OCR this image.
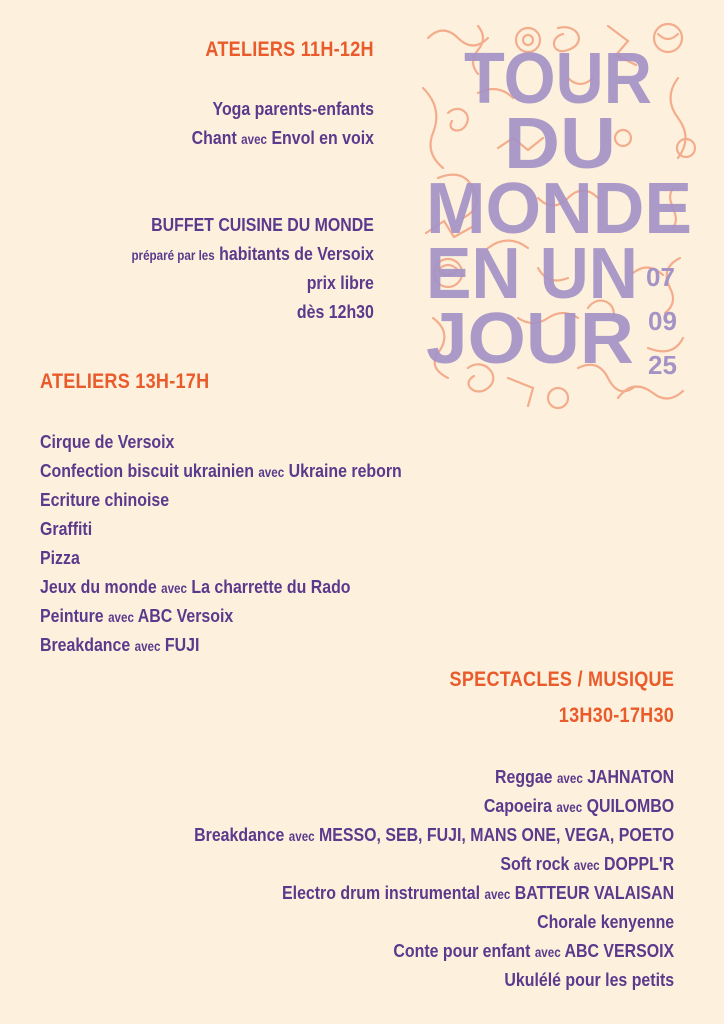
ATELIERS 11H-12H
Yoga parents-enfants
Chant avec Envol en voix
BUFFET CUISINE DU MONDE
préparé par les habitants de Versoix
prix libre
dès 12h30
TOUR
DU
MONDE
EN UN
JOUR
07
09
25
ATELIERS 13H-17H
Cirque de Versoix
Confection biscuit ukrainien avec Ukraine reborn
Ecriture chinoise
Graffiti
Pizza
Jeux du monde avec La charrette du Rado
Peinture avec ABC Versoix
Breakdance avec FUJI
SPECTACLES / MUSIQUE
13H30-17H30
Reggae avec JAHNATON
Capoeira avec QUILOMBO
Breakdance avec MESSO, SEB, FUJI, MANS ONE, VEGA, POETO
Soft rock avec DOPPL'R
Electro drum instrumental avec BATTEUR VALAISAN
Chorale kenyenne
Conte pour enfant avec ABC VERSOIX
Ukulélé pour les petits
